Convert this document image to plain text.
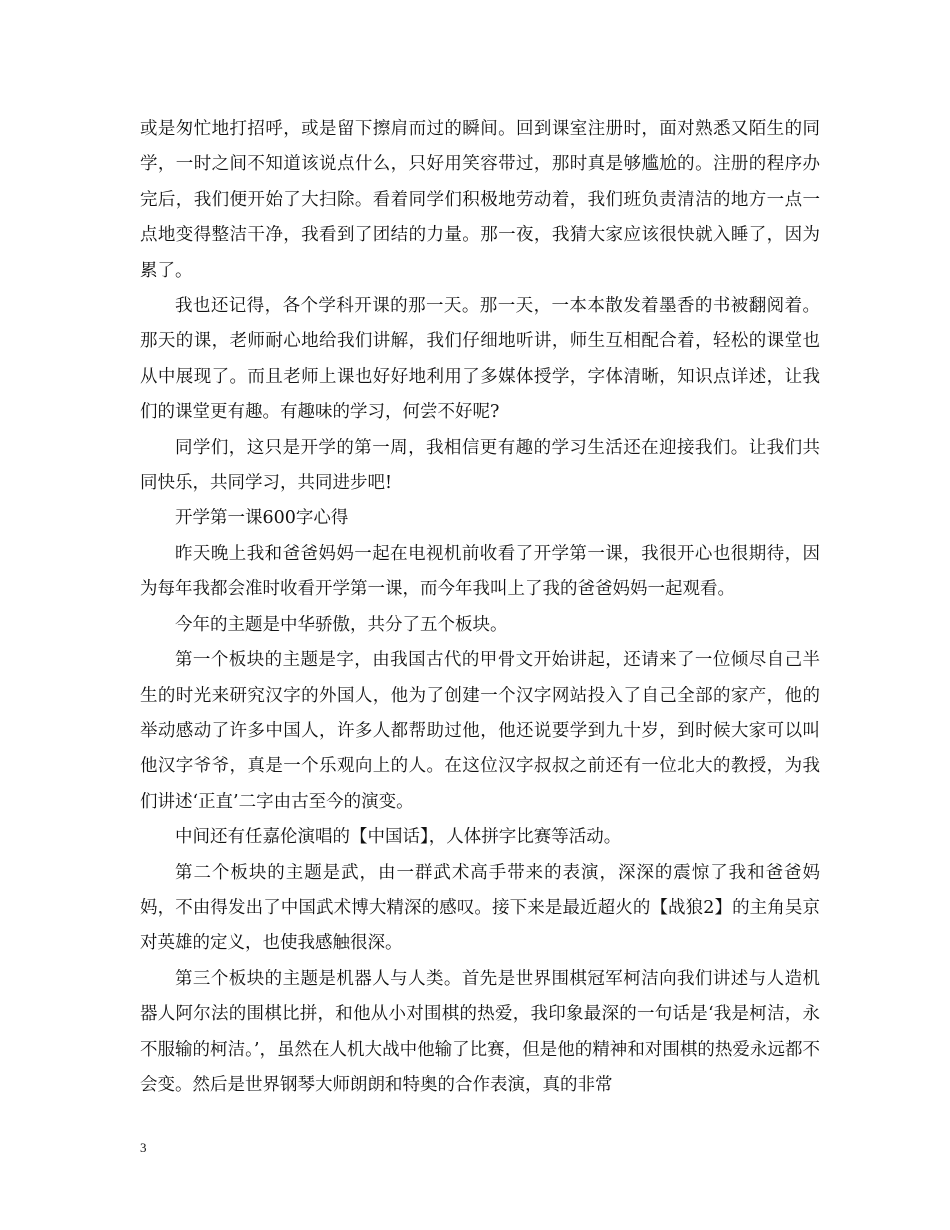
或是匆忙地打招呼，或是留下擦肩而过的瞬间。回到课室注册时，面对熟悉又陌生的同学，一时之间不知道该说点什么，只好用笑容带过，那时真是够尴尬的。注册的程序办完后，我们便开始了大扫除。看着同学们积极地劳动着，我们班负责清洁的地方一点一点地变得整洁干净，我看到了团结的力量。那一夜，我猜大家应该很快就入睡了，因为累了。

我也还记得，各个学科开课的那一天。那一天，一本本散发着墨香的书被翻阅着。那天的课，老师耐心地给我们讲解，我们仔细地听讲，师生互相配合着，轻松的课堂也从中展现了。而且老师上课也好好地利用了多媒体授学，字体清晰，知识点详述，让我们的课堂更有趣。有趣味的学习，何尝不好呢?

同学们，这只是开学的第一周，我相信更有趣的学习生活还在迎接我们。让我们共同快乐，共同学习，共同进步吧!

开学第一课600字心得

昨天晚上我和爸爸妈妈一起在电视机前收看了开学第一课，我很开心也很期待，因为每年我都会准时收看开学第一课，而今年我叫上了我的爸爸妈妈一起观看。

今年的主题是中华骄傲，共分了五个板块。

第一个板块的主题是字，由我国古代的甲骨文开始讲起，还请来了一位倾尽自己半生的时光来研究汉字的外国人，他为了创建一个汉字网站投入了自己全部的家产，他的举动感动了许多中国人，许多人都帮助过他，他还说要学到九十岁，到时候大家可以叫他汉字爷爷，真是一个乐观向上的人。在这位汉字叔叔之前还有一位北大的教授，为我们讲述‘正直’二字由古至今的演变。

中间还有任嘉伦演唱的【中国话】，人体拼字比赛等活动。

第二个板块的主题是武，由一群武术高手带来的表演，深深的震惊了我和爸爸妈妈，不由得发出了中国武术博大精深的感叹。接下来是最近超火的【战狼2】的主角吴京对英雄的定义，也使我感触很深。

第三个板块的主题是机器人与人类。首先是世界围棋冠军柯洁向我们讲述与人造机器人阿尔法的围棋比拼，和他从小对围棋的热爱，我印象最深的一句话是‘我是柯洁，永不服输的柯洁。’，虽然在人机大战中他输了比赛，但是他的精神和对围棋的热爱永远都不会变。然后是世界钢琴大师朗朗和特奥的合作表演，真的非常

3
